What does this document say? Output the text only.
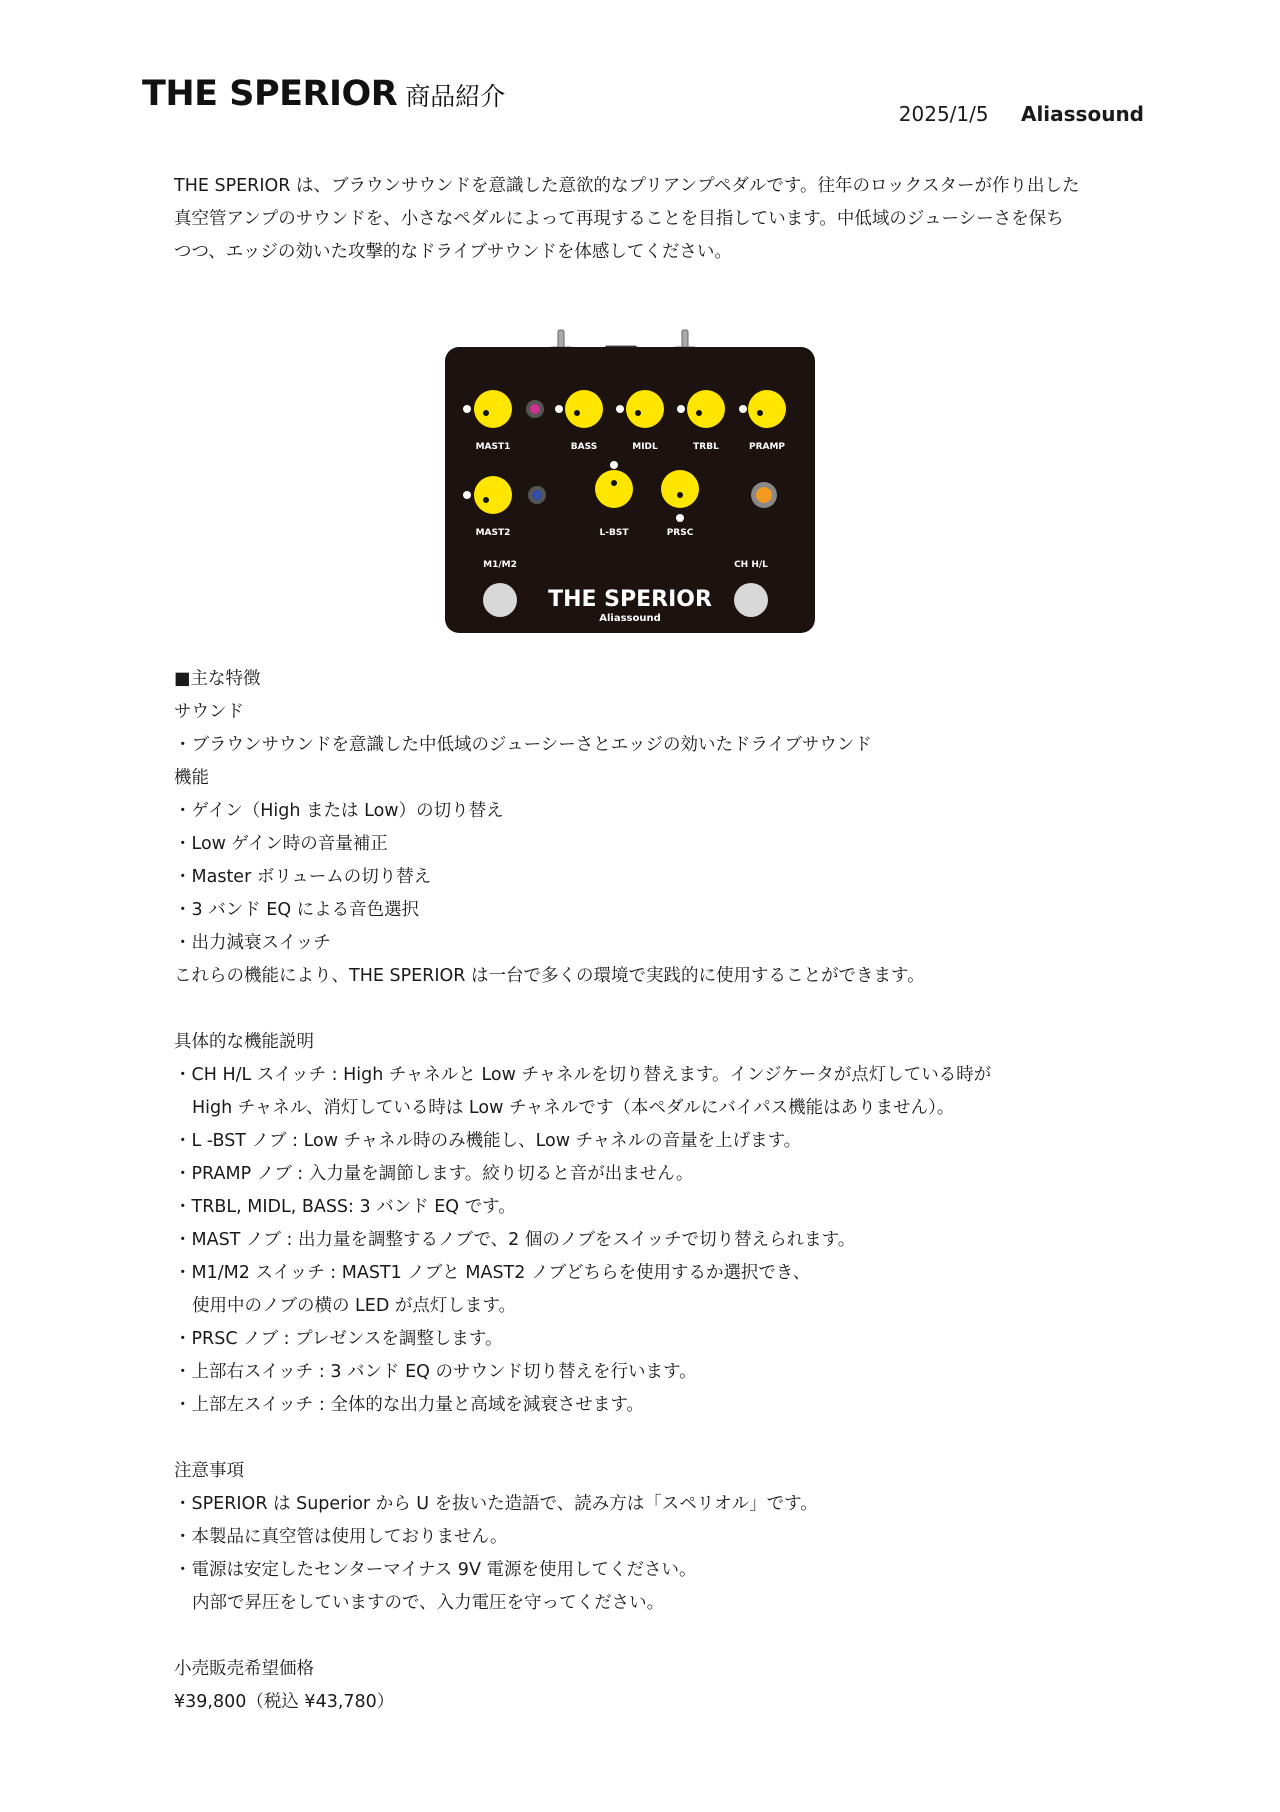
THE SPERIOR 商品紹介
2025/1/5 Aliassound

THE SPERIOR は、ブラウンサウンドを意識した意欲的なプリアンプペダルです。往年のロックスターが作り出した

真空管アンプのサウンドを、小さなペダルによって再現することを目指しています。中低域のジューシーさを保ち

つつ、エッジの効いた攻撃的なドライブサウンドを体感してください。

MAST1	BASS	MIDL	TRBL	PRAMP
MAST2	L-BST	PRSC
M1/M2	CH H/L
THE SPERIOR
Aliassound
■主な特徴
サウンド
・ブラウンサウンドを意識した中低域のジューシーさとエッジの効いたドライブサウンド
機能
・ゲイン（High または Low）の切り替え
・Low ゲイン時の音量補正
・Master ボリュームの切り替え
・3 バンド EQ による音色選択
・出力減衰スイッチ
これらの機能により、THE SPERIOR は一台で多くの環境で実践的に使用することができます。
具体的な機能説明
・CH H/L スイッチ : High チャネルと Low チャネルを切り替えます。インジケータが点灯している時が
High チャネル、消灯している時は Low チャネルです（本ペダルにバイパス機能はありません）。
・L -BST ノブ : Low チャネル時のみ機能し、Low チャネルの音量を上げます。
・PRAMP ノブ : 入力量を調節します。絞り切ると音が出ません。
・TRBL, MIDL, BASS: 3 バンド EQ です。
・MAST ノブ : 出力量を調整するノブで、2 個のノブをスイッチで切り替えられます。
・M1/M2 スイッチ : MAST1 ノブと MAST2 ノブどちらを使用するか選択でき、
使用中のノブの横の LED が点灯します。
・PRSC ノブ : プレゼンスを調整します。
・上部右スイッチ : 3 バンド EQ のサウンド切り替えを行います。
・上部左スイッチ : 全体的な出力量と高域を減衰させます。
注意事項
・SPERIOR は Superior から U を抜いた造語で、読み方は「スペリオル」です。
・本製品に真空管は使用しておりません。
・電源は安定したセンターマイナス 9V 電源を使用してください。
内部で昇圧をしていますので、入力電圧を守ってください。
小売販売希望価格
¥39,800（税込 ¥43,780）
